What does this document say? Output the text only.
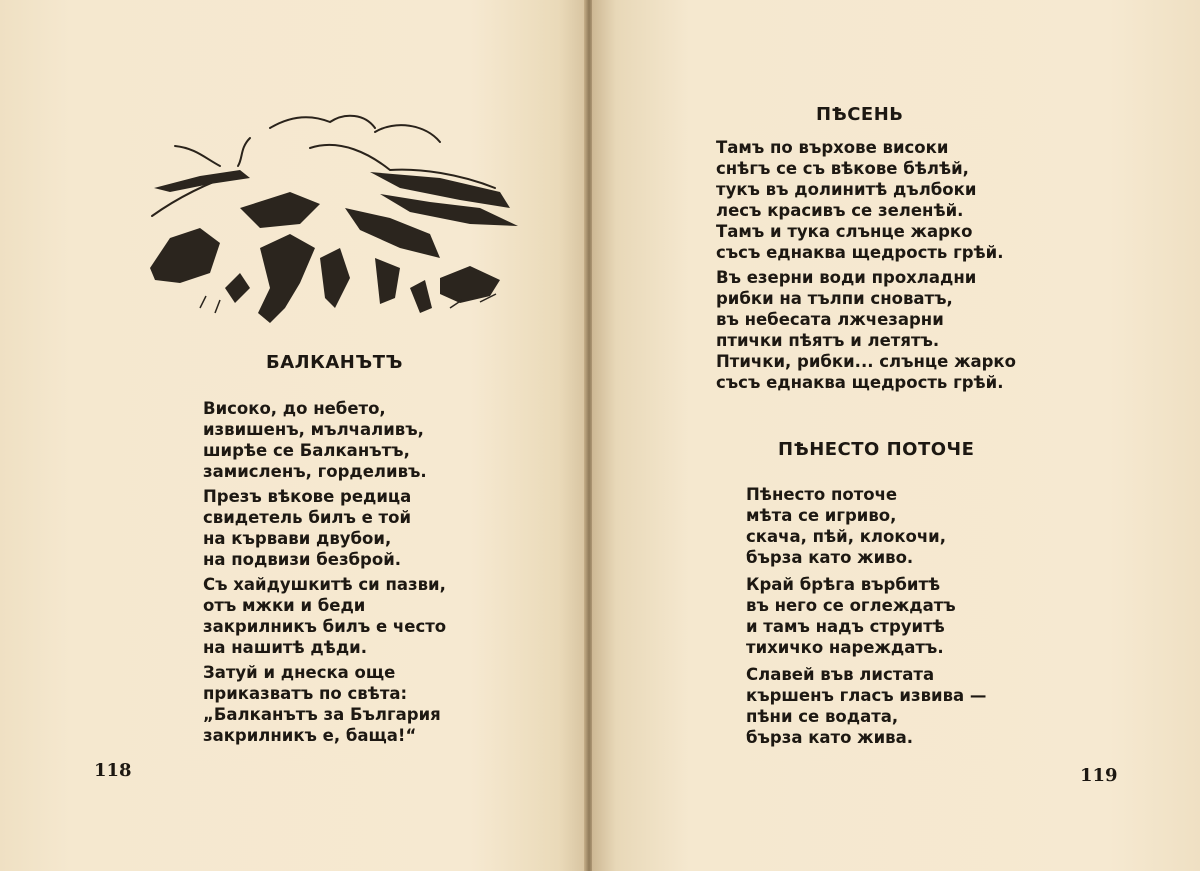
БАЛКАНЪТЪ
Високо, до небето,
извишенъ, мълчаливъ,
ширѣе се Балканътъ,
замисленъ, горделивъ.
Презъ вѣкове редица
свидетель билъ е той
на кървави двубои,
на подвизи безброй.
Съ хайдушкитѣ си пазви,
отъ мжки и беди
закрилникъ билъ е често
на нашитѣ дѣди.
Затуй и днеска още
приказватъ по свѣта:
„Балканътъ за България
закрилникъ е, баща!“
118
ПѢСЕНЬ
Тамъ по върхове високи
снѣгъ се съ вѣкове бѣлѣй,
тукъ въ долинитѣ дълбоки
лесъ красивъ се зеленѣй.
Тамъ и тука слънце жарко
съсъ еднаква щедрость грѣй.
Въ езерни води прохладни
рибки на тълпи сноватъ,
въ небесата лжчезарни
птички пѣятъ и летятъ.
Птички, рибки... слънце жарко
съсъ еднаква щедрость грѣй.
ПѢНЕСТО ПОТОЧЕ
Пѣнесто поточе
мѣта се игриво,
скача, пѣй, клокочи,
бърза като живо.
Край брѣга върбитѣ
въ него се оглеждатъ
и тамъ надъ струитѣ
тихичко нареждатъ.
Славей във листата
кършенъ гласъ извива —
пѣни се водата,
бърза като жива.
119
